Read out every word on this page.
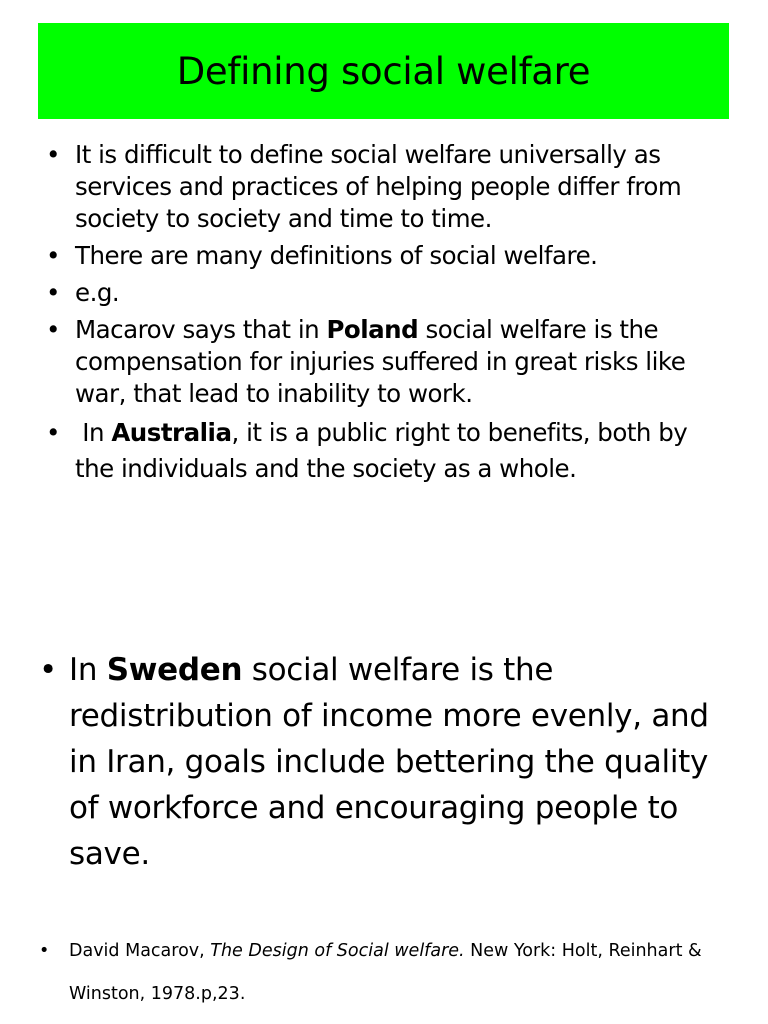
Defining social welfare
• It is difficult to define social welfare universally as services and practices of helping people differ from society to society and time to time.
• There are many definitions of social welfare.
• e.g.
• Macarov says that in Poland social welfare is the compensation for injuries suffered in great risks like war, that lead to inability to work.
• In Australia, it is a public right to benefits, both by the individuals and the society as a whole.
• In Sweden social welfare is the redistribution of income more evenly, and in Iran, goals include bettering the quality of workforce and encouraging people to save.
• David Macarov, The Design of Social welfare. New York: Holt, Reinhart & Winston, 1978.p,23.
